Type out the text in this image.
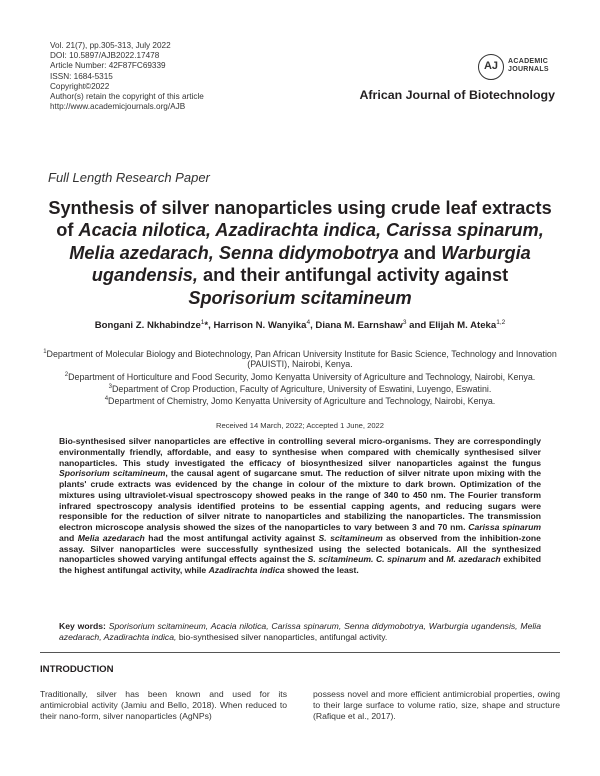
Vol. 21(7), pp.305-313, July 2022
DOI: 10.5897/AJB2022.17478
Article Number: 42F87FC69339
ISSN: 1684-5315
Copyright©2022
Author(s) retain the copyright of this article
http://www.academicjournals.org/AJB
AJ	ACADEMIC
JOURNALS
African Journal of Biotechnology
Full Length Research Paper
Synthesis of silver nanoparticles using crude leaf extracts of Acacia nilotica, Azadirachta indica, Carissa spinarum, Melia azedarach, Senna didymobotrya and Warburgia ugandensis, and their antifungal activity against Sporisorium scitamineum
Bongani Z. Nkhabindze$^1$*, Harrison N. Wanyika$^4$, Diana M. Earnshaw$^3$ and Elijah M. Ateka$^{1,2}$
$^1$Department of Molecular Biology and Biotechnology, Pan African University Institute for Basic Science, Technology and Innovation (PAUISTI), Nairobi, Kenya.
$^2$Department of Horticulture and Food Security, Jomo Kenyatta University of Agriculture and Technology, Nairobi, Kenya.
$^3$Department of Crop Production, Faculty of Agriculture, University of Eswatini, Luyengo, Eswatini.
$^4$Department of Chemistry, Jomo Kenyatta University of Agriculture and Technology, Nairobi, Kenya.
Received 14 March, 2022; Accepted 1 June, 2022
Bio-synthesised silver nanoparticles are effective in controlling several micro-organisms. They are correspondingly environmentally friendly, affordable, and easy to synthesise when compared with chemically synthesised silver nanoparticles. This study investigated the efficacy of biosynthesized silver nanoparticles against the fungus Sporisorium scitamineum, the causal agent of sugarcane smut. The reduction of silver nitrate upon mixing with the plants' crude extracts was evidenced by the change in colour of the mixture to dark brown. Optimization of the mixtures using ultraviolet-visual spectroscopy showed peaks in the range of 340 to 450 nm. The Fourier transform infrared spectroscopy analysis identified proteins to be essential capping agents, and reducing sugars were responsible for the reduction of silver nitrate to nanoparticles and stabilizing the nanoparticles. The transmission electron microscope analysis showed the sizes of the nanoparticles to vary between 3 and 70 nm. Carissa spinarum and Melia azedarach had the most antifungal activity against S. scitamineum as observed from the inhibition-zone assay. Silver nanoparticles were successfully synthesized using the selected botanicals. All the synthesized nanoparticles showed varying antifungal effects against the S. scitamineum. C. spinarum and M. azedarach exhibited the highest antifungal activity, while Azadirachta indica showed the least.
Key words: Sporisorium scitamineum, Acacia nilotica, Carissa spinarum, Senna didymobotrya, Warburgia ugandensis, Melia azedarach, Azadirachta indica, bio-synthesised silver nanoparticles, antifungal activity.
INTRODUCTION
Traditionally, silver has been known and used for its antimicrobial activity (Jamiu and Bello, 2018). When reduced to their nano-form, silver nanoparticles (AgNPs)
possess novel and more efficient antimicrobial properties, owing to their large surface to volume ratio, size, shape and structure (Rafique et al., 2017).
